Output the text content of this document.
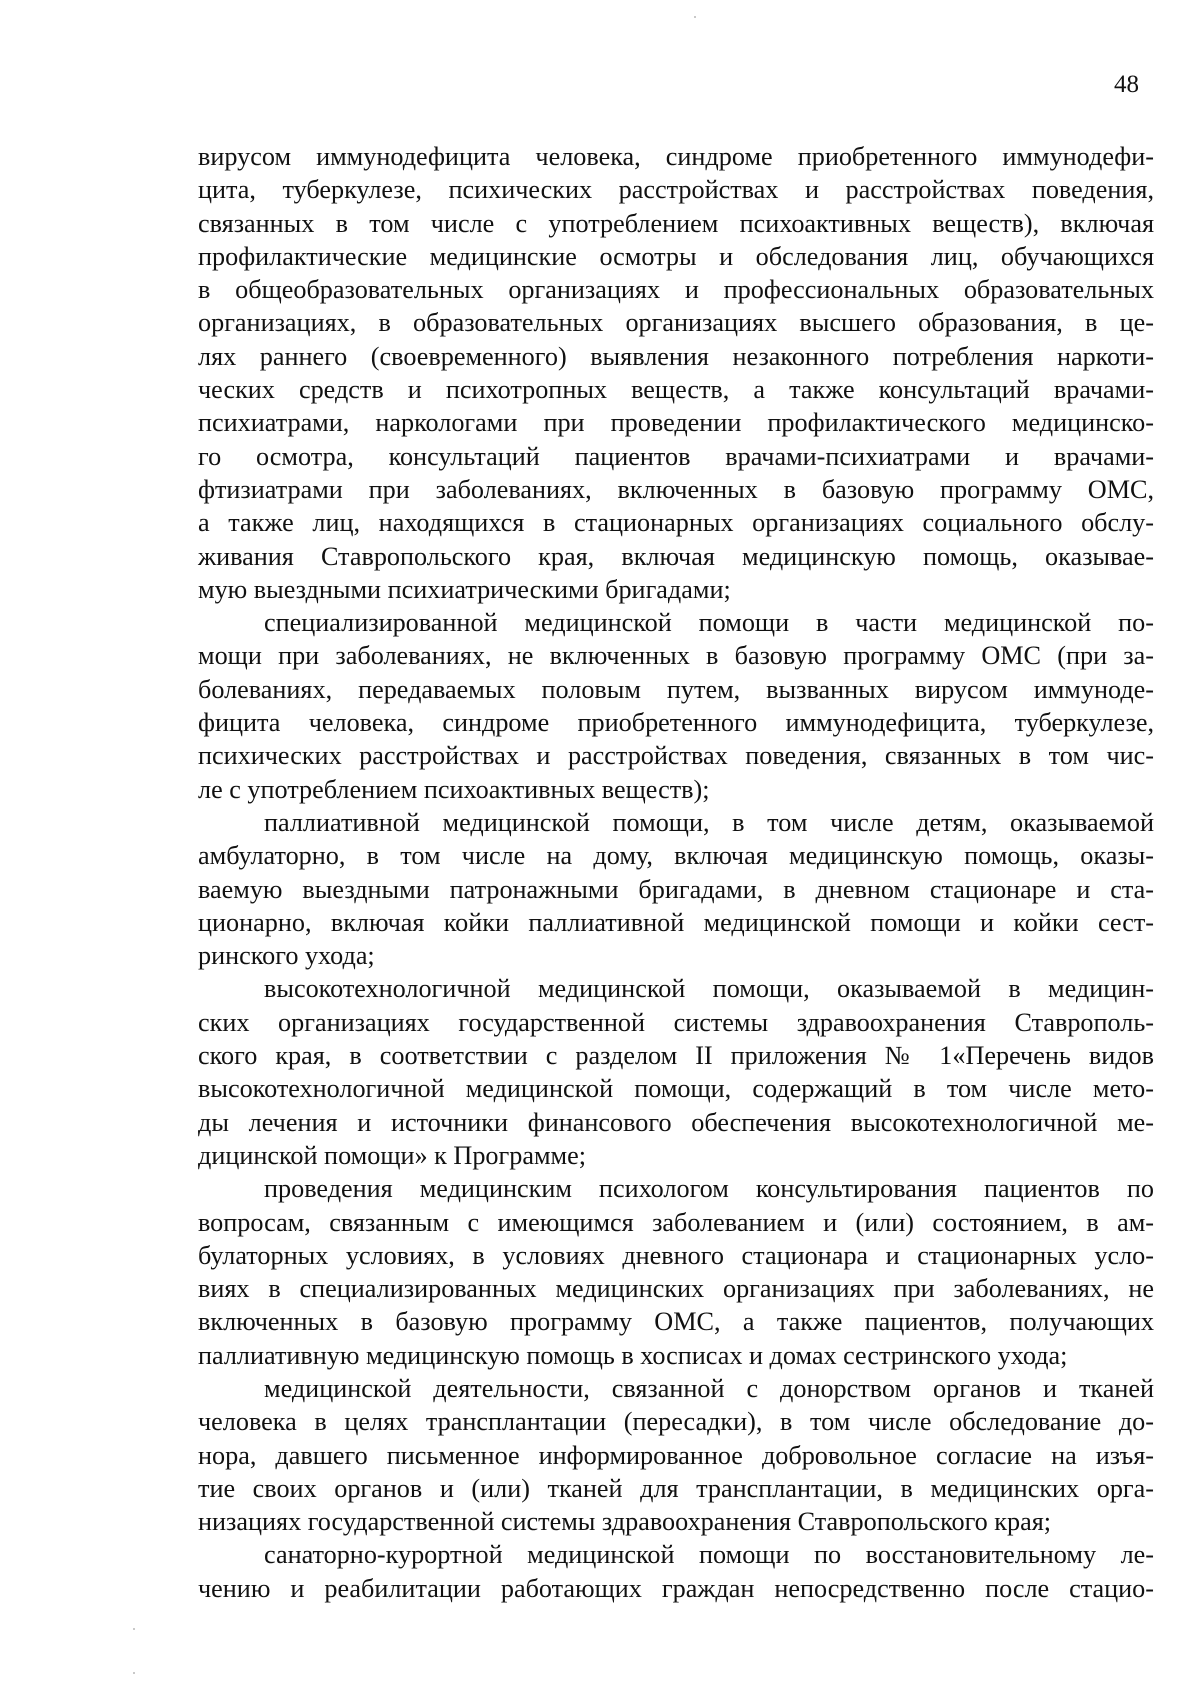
48
вирусом иммунодефицита человека, синдроме приобретенного иммунодефи-
цита, туберкулезе, психических расстройствах и расстройствах поведения,
связанных в том числе с употреблением психоактивных веществ), включая
профилактические медицинские осмотры и обследования лиц, обучающихся
в общеобразовательных организациях и профессиональных образовательных
организациях, в образовательных организациях высшего образования, в це-
лях раннего (своевременного) выявления незаконного потребления наркоти-
ческих средств и психотропных веществ, а также консультаций врачами-
психиатрами, наркологами при проведении профилактического медицинско-
го осмотра, консультаций пациентов врачами-психиатрами и врачами-
фтизиатрами при заболеваниях, включенных в базовую программу ОМС,
а также лиц, находящихся в стационарных организациях социального обслу-
живания Ставропольского края, включая медицинскую помощь, оказывае-
мую выездными психиатрическими бригадами;
специализированной медицинской помощи в части медицинской по-
мощи при заболеваниях, не включенных в базовую программу ОМС (при за-
болеваниях, передаваемых половым путем, вызванных вирусом иммуноде-
фицита человека, синдроме приобретенного иммунодефицита, туберкулезе,
психических расстройствах и расстройствах поведения, связанных в том чис-
ле с употреблением психоактивных веществ);
паллиативной медицинской помощи, в том числе детям, оказываемой
амбулаторно, в том числе на дому, включая медицинскую помощь, оказы-
ваемую выездными патронажными бригадами, в дневном стационаре и ста-
ционарно, включая койки паллиативной медицинской помощи и койки сест-
ринского ухода;
высокотехнологичной медицинской помощи, оказываемой в медицин-
ских организациях государственной системы здравоохранения Ставрополь-
ского края, в соответствии с разделом II приложения № 1«Перечень видов
высокотехнологичной медицинской помощи, содержащий в том числе мето-
ды лечения и источники финансового обеспечения высокотехнологичной ме-
дицинской помощи» к Программе;
проведения медицинским психологом консультирования пациентов по
вопросам, связанным с имеющимся заболеванием и (или) состоянием, в ам-
булаторных условиях, в условиях дневного стационара и стационарных усло-
виях в специализированных медицинских организациях при заболеваниях, не
включенных в базовую программу ОМС, а также пациентов, получающих
паллиативную медицинскую помощь в хосписах и домах сестринского ухода;
медицинской деятельности, связанной с донорством органов и тканей
человека в целях трансплантации (пересадки), в том числе обследование до-
нора, давшего письменное информированное добровольное согласие на изъя-
тие своих органов и (или) тканей для трансплантации, в медицинских орга-
низациях государственной системы здравоохранения Ставропольского края;
санаторно-курортной медицинской помощи по восстановительному ле-
чению и реабилитации работающих граждан непосредственно после стацио-
